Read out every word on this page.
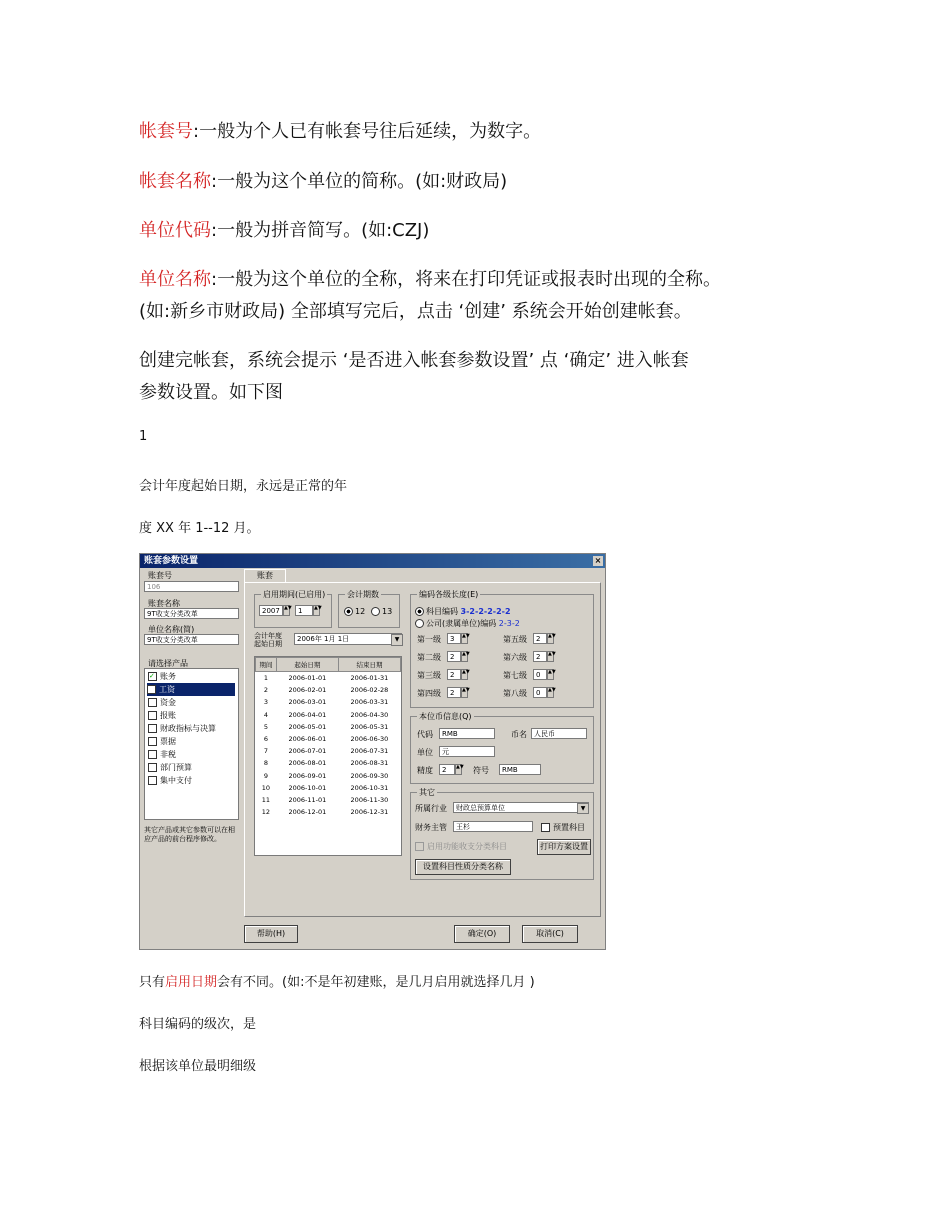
帐套号:一般为个人已有帐套号往后延续，为数字。

帐套名称:一般为这个单位的简称。(如:财政局)

单位代码:一般为拼音简写。(如:CZJ)

单位名称:一般为这个单位的全称，将来在打印凭证或报表时出现的全称。

(如:新乡市财政局) 全部填写完后，点击 ‘创建’ 系统会开始创建帐套。

创建完帐套，系统会提示 ‘是否进入帐套参数设置’ 点 ‘确定’ 进入帐套

参数设置。如下图

1

会计年度起始日期，永远是正常的年

度 XX 年 1--12 月。

只有启用日期会有不同。(如:不是年初建账，是几月启用就选择几月 )

科目编码的级次，是

根据该单位最明细级

账套参数设置	×
账套号
106
账套名称
9T收支分类改革
单位名称(简)
9T收支分类改革
请选择产品
✓ 账务
工资
资金
报账
财政指标与决算
票据
非税
部门预算
集中支付
其它产品或其它参数可以在相应产品的前台程序修改。
账套
启用期间(已启用)
2007 ▲▼ 1	▲▼
会计期数
12	13
会计年度
起始日期
2006年 1月 1日	▼
期间	起始日期	结束日期
1	2006-01-01	2006-01-31
2	2006-02-01	2006-02-28
3	2006-03-01	2006-03-31
4	2006-04-01	2006-04-30
5	2006-05-01	2006-05-31
6	2006-06-01	2006-06-30
7	2006-07-01	2006-07-31
8	2006-08-01	2006-08-31
9	2006-09-01	2006-09-30
10	2006-10-01	2006-10-31
11	2006-11-01	2006-11-30
12	2006-12-01	2006-12-31
编码各级长度(E)
科目编码 3-2-2-2-2-2
公司(隶属单位)编码 2-3-2
第一级	3	▲▼	第五级	2	▲▼
第二级	2	▲▼	第六级	2	▲▼
第三级	2	▲▼	第七级	0	▲▼
第四级	2	▲▼	第八级	0	▲▼
本位币信息(Q)
代码	RMB	币名	人民币
单位	元
精度	2	▲▼ 符号	RMB
其它
所属行业	财政总预算单位	▼
财务主管	王杉	预置科目
启用功能收支分类科目	打印方案设置
设置科目性质分类名称
帮助(H)	确定(O)	取消(C)
